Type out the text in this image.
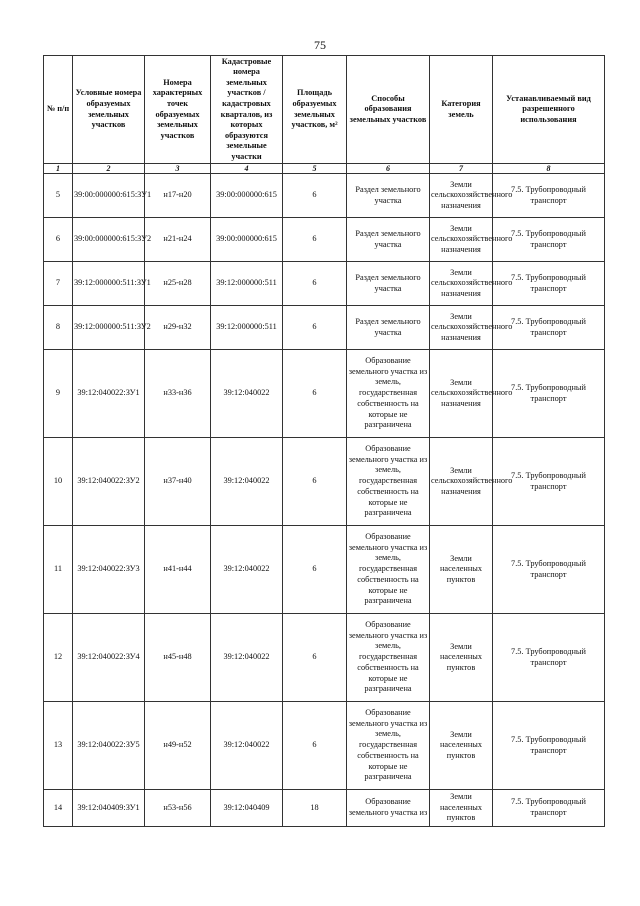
75
№ п/п	Условные номера образуемых земельных участков	Номера характерных точек образуемых земельных участков	Кадастровые номера земельных участков / кадастровых кварталов, из которых образуются земельные участки	Площадь образуемых земельных участков, м²	Способы образования земельных участков	Категория земель	Устанавливаемый вид разрешенного использования
1	2	3	4	5	6	7	8

5	39:00:000000:615:ЗУ1	н17-н20	39:00:000000:615	6	Раздел земельного участка	Земли сельскохозяйственного назначения	7.5. Трубопроводный транспорт

6	39:00:000000:615:ЗУ2	н21-н24	39:00:000000:615	6	Раздел земельного участка	Земли сельскохозяйственного назначения	7.5. Трубопроводный транспорт

7	39:12:000000:511:ЗУ1	н25-н28	39:12:000000:511	6	Раздел земельного участка	Земли сельскохозяйственного назначения	7.5. Трубопроводный транспорт

8	39:12:000000:511:ЗУ2	н29-н32	39:12:000000:511	6	Раздел земельного участка	Земли сельскохозяйственного назначения	7.5. Трубопроводный транспорт

9	39:12:040022:ЗУ1	н33-н36	39:12:040022	6	Образование земельного участка из земель, государственная собственность на которые не разграничена	Земли сельскохозяйственного назначения	7.5. Трубопроводный транспорт

10	39:12:040022:ЗУ2	н37-н40	39:12:040022	6	Образование земельного участка из земель, государственная собственность на которые не разграничена	Земли сельскохозяйственного назначения	7.5. Трубопроводный транспорт

11	39:12:040022:ЗУ3	н41-н44	39:12:040022	6	Образование земельного участка из земель, государственная собственность на которые не разграничена	Земли населенных пунктов	7.5. Трубопроводный транспорт

12	39:12:040022:ЗУ4	н45-н48	39:12:040022	6	Образование земельного участка из земель, государственная собственность на которые не разграничена	Земли населенных пунктов	7.5. Трубопроводный транспорт

13	39:12:040022:ЗУ5	н49-н52	39:12:040022	6	Образование земельного участка из земель, государственная собственность на которые не разграничена	Земли населенных пунктов	7.5. Трубопроводный транспорт

14	39:12:040409:ЗУ1	н53-н56	39:12:040409	18	Образование земельного участка из	Земли населенных пунктов	7.5. Трубопроводный транспорт
